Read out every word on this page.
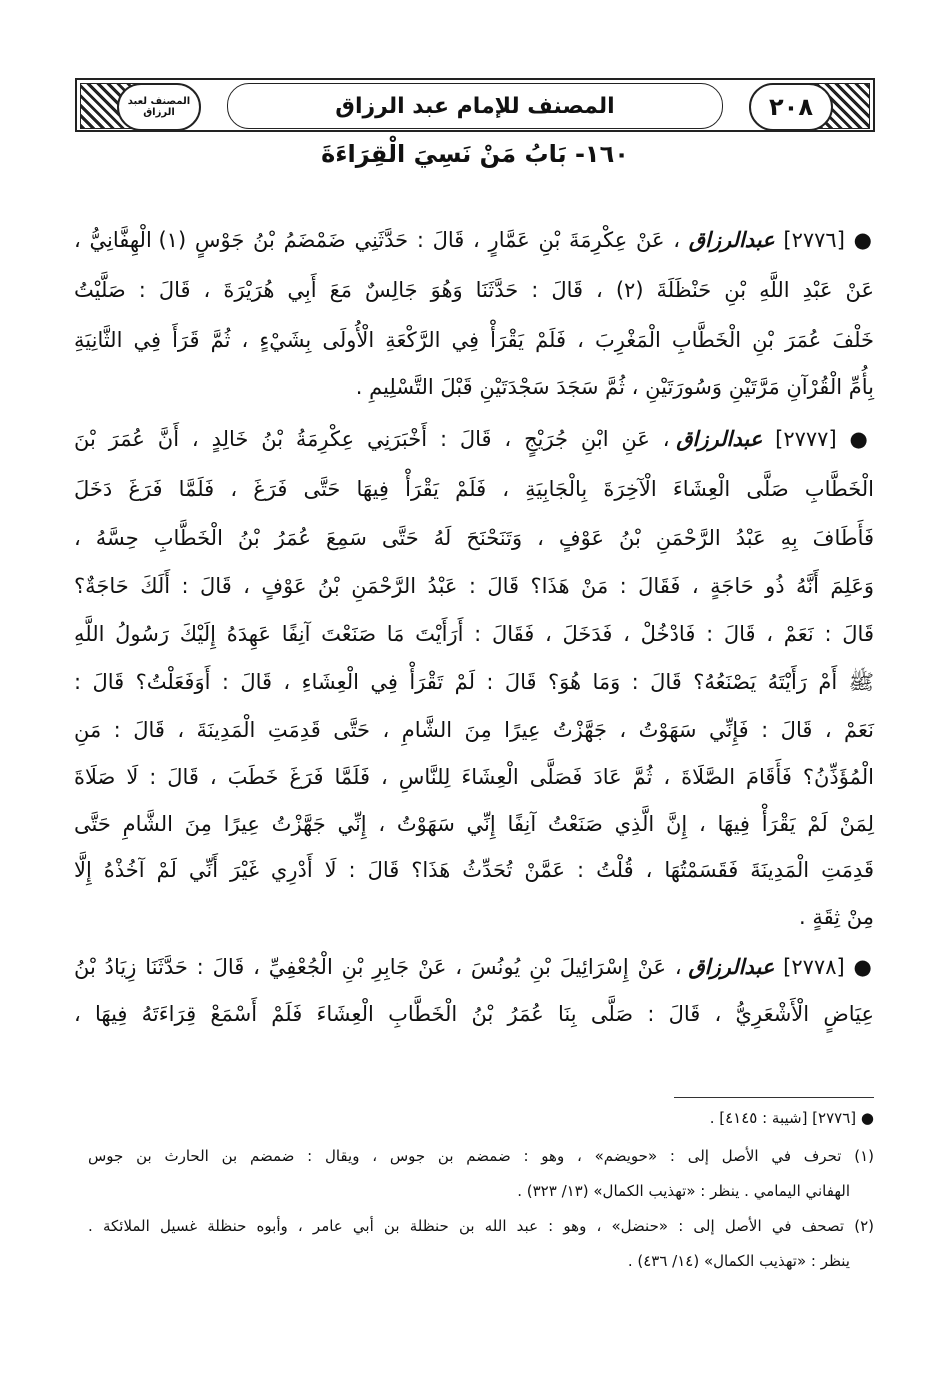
٢٠٨
المصنف للإمام عبد الرزاق
المصنف لعبد الرزاق
١٦٠- بَابُ مَنْ نَسِيَ الْقِرَاءَةَ
● [٢٧٧٦] عبدالرزاق ، عَنْ عِكْرِمَةَ بْنِ عَمَّارٍ ، قَالَ : حَدَّثَنِي ضَمْضَمُ بْنُ جَوْسٍ (١) الْهِفَّانِيُّ ،
عَنْ عَبْدِ اللَّهِ بْنِ حَنْظَلَةَ (٢) ، قَالَ : حَدَّثَنَا وَهُوَ جَالِسٌ مَعَ أَبِي هُرَيْرَةَ ، قَالَ : صَلَّيْتُ
خَلْفَ عُمَرَ بْنِ الْخَطَّابِ الْمَغْرِبَ ، فَلَمْ يَقْرَأْ فِي الرَّكْعَةِ الْأُولَى بِشَيْءٍ ، ثُمَّ قَرَأَ فِي الثَّانِيَةِ
بِأُمِّ الْقُرْآنِ مَرَّتَيْنِ وَسُورَتَيْنِ ، ثُمَّ سَجَدَ سَجْدَتَيْنِ قَبْلَ التَّسْلِيمِ .
● [٢٧٧٧] عبدالرزاق ، عَنِ ابْنِ جُرَيْجٍ ، قَالَ : أَخْبَرَنِي عِكْرِمَةُ بْنُ خَالِدٍ ، أَنَّ عُمَرَ بْنَ
الْخَطَّابِ صَلَّى الْعِشَاءَ الْآخِرَةَ بِالْجَابِيَةِ ، فَلَمْ يَقْرَأْ فِيهَا حَتَّى فَرَغَ ، فَلَمَّا فَرَغَ دَخَلَ
فَأَطَافَ بِهِ عَبْدُ الرَّحْمَنِ بْنُ عَوْفٍ ، وَتَنَحْنَحَ لَهُ حَتَّى سَمِعَ عُمَرُ بْنُ الْخَطَّابِ حِسَّهُ ،
وَعَلِمَ أَنَّهُ ذُو حَاجَةٍ ، فَقَالَ : مَنْ هَذَا؟ قَالَ : عَبْدُ الرَّحْمَنِ بْنُ عَوْفٍ ، قَالَ : أَلَكَ حَاجَةٌ؟
قَالَ : نَعَمْ ، قَالَ : فَادْخُلْ ، فَدَخَلَ ، فَقَالَ : أَرَأَيْتَ مَا صَنَعْتَ آنِفًا عَهِدَهُ إِلَيْكَ رَسُولُ اللَّهِ
ﷺ أَمْ رَأَيْتَهُ يَصْنَعُهُ؟ قَالَ : وَمَا هُوَ؟ قَالَ : لَمْ تَقْرَأْ فِي الْعِشَاءِ ، قَالَ : أَوَفَعَلْتُ؟ قَالَ :
نَعَمْ ، قَالَ : فَإِنِّي سَهَوْتُ ، جَهَّزْتُ عِيرًا مِنَ الشَّامِ ، حَتَّى قَدِمَتِ الْمَدِينَةَ ، قَالَ : مَنِ
الْمُؤَذِّنُ؟ فَأَقَامَ الصَّلَاةَ ، ثُمَّ عَادَ فَصَلَّى الْعِشَاءَ لِلنَّاسِ ، فَلَمَّا فَرَغَ خَطَبَ ، قَالَ : لَا صَلَاةَ
لِمَنْ لَمْ يَقْرَأْ فِيهَا ، إِنَّ الَّذِي صَنَعْتُ آنِفًا إِنِّي سَهَوْتُ ، إِنِّي جَهَّزْتُ عِيرًا مِنَ الشَّامِ حَتَّى
قَدِمَتِ الْمَدِينَةَ فَقَسَمْتُهَا ، قُلْتُ : عَمَّنْ تُحَدِّثُ هَذَا؟ قَالَ : لَا أَدْرِي غَيْرَ أَنِّي لَمْ آخُذْهُ إِلَّا
مِنْ ثِقَةٍ .
● [٢٧٧٨] عبدالرزاق ، عَنْ إِسْرَائِيلَ بْنِ يُونُسَ ، عَنْ جَابِرِ بْنِ الْجُعْفِيِّ ، قَالَ : حَدَّثَنَا زِيَادُ بْنُ
عِيَاضٍ الْأَشْعَرِيُّ ، قَالَ : صَلَّى بِنَا عُمَرُ بْنُ الْخَطَّابِ الْعِشَاءَ فَلَمْ أَسْمَعْ قِرَاءَتَهُ فِيهَا ،
● [٢٧٧٦] [شيبة : ٤١٤٥] .
(١) تحرف في الأصل إلى : «حويضم» ، وهو : ضمضم بن جوس ، ويقال : ضمضم بن الحارث بن جوس
الهفاني اليمامي . ينظر : «تهذيب الكمال» (١٣/ ٣٢٣) .
(٢) تصحف في الأصل إلى : «حنضل» ، وهو : عبد الله بن حنظلة بن أبي عامر ، وأبوه حنظلة غسيل الملائكة .
ينظر : «تهذيب الكمال» (١٤/ ٤٣٦) .
